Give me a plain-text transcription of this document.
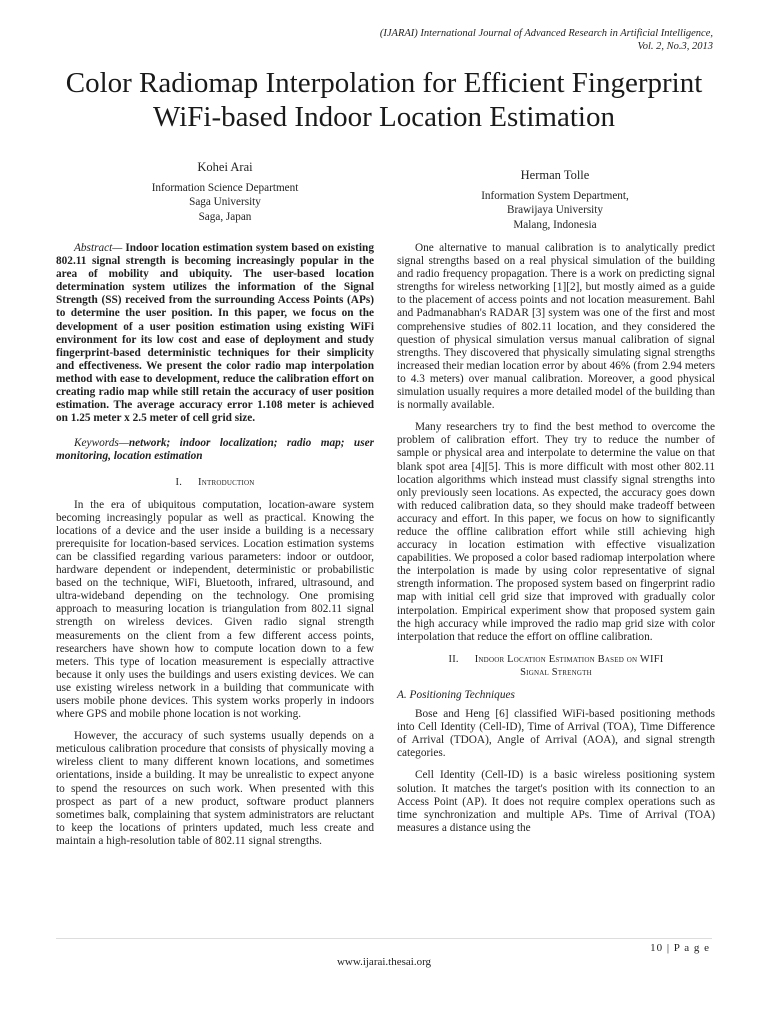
(IJARAI) International Journal of Advanced Research in Artificial Intelligence,
Vol. 2, No.3, 2013
Color Radiomap Interpolation for Efficient Fingerprint WiFi-based Indoor Location Estimation
Kohei Arai
Information Science Department
Saga University
Saga, Japan
Herman Tolle
Information System Department,
Brawijaya University
Malang, Indonesia

Abstract— Indoor location estimation system based on existing 802.11 signal strength is becoming increasingly popular in the area of mobility and ubiquity. The user-based location determination system utilizes the information of the Signal Strength (SS) received from the surrounding Access Points (APs) to determine the user position. In this paper, we focus on the development of a user position estimation using existing WiFi environment for its low cost and ease of deployment and study fingerprint-based deterministic techniques for their simplicity and effectiveness. We present the color radio map interpolation method with ease to development, reduce the calibration effort on creating radio map while still retain the accuracy of user position estimation. The average accuracy error 1.108 meter is achieved on 1.25 meter x 2.5 meter of cell grid size.

Keywords—network; indoor localization; radio map; user monitoring, location estimation

I. Introduction

In the era of ubiquitous computation, location-aware system becoming increasingly popular as well as practical. Knowing the locations of a device and the user inside a building is a necessary prerequisite for location-based services. Location estimation systems can be classified regarding various parameters: indoor or outdoor, hardware dependent or independent, deterministic or probabilistic based on the technique, WiFi, Bluetooth, infrared, ultrasound, and ultra-wideband depending on the technology. One promising approach to measuring location is triangulation from 802.11 signal strength on wireless devices. Given radio signal strength measurements on the client from a few different access points, researchers have shown how to compute location down to a few meters. This type of location measurement is especially attractive because it only uses the buildings and users existing devices. We can use existing wireless network in a building that communicate with users mobile phone devices. This system works properly in indoors where GPS and mobile phone location is not working.

However, the accuracy of such systems usually depends on a meticulous calibration procedure that consists of physically moving a wireless client to many different known locations, and sometimes orientations, inside a building. It may be unrealistic to expect anyone to spend the resources on such work. When presented with this prospect as part of a new product, software product planners sometimes balk, complaining that system administrators are reluctant to keep the locations of printers updated, much less create and maintain a high-resolution table of 802.11 signal strengths.

One alternative to manual calibration is to analytically predict signal strengths based on a real physical simulation of the building and radio frequency propagation. There is a work on predicting signal strengths for wireless networking [1][2], but mostly aimed as a guide to the placement of access points and not location measurement. Bahl and Padmanabhan's RADAR [3] system was one of the first and most comprehensive studies of 802.11 location, and they considered the question of physical simulation versus manual calibration of signal strengths. They discovered that physically simulating signal strengths increased their median location error by about 46% (from 2.94 meters to 4.3 meters) over manual calibration. Moreover, a good physical simulation usually requires a more detailed model of the building than is normally available.

Many researchers try to find the best method to overcome the problem of calibration effort. They try to reduce the number of sample or physical area and interpolate to determine the value on that blank spot area [4][5]. This is more difficult with most other 802.11 location algorithms which instead must classify signal strengths into only previously seen locations. As expected, the accuracy goes down with reduced calibration data, so they should make tradeoff between accuracy and effort. In this paper, we focus on how to significantly reduce the offline calibration effort while still achieving high accuracy in location estimation with effective visualization capabilities. We proposed a color based radiomap interpolation where the interpolation is made by using color representative of signal strength information. The proposed system based on fingerprint radio map with initial cell grid size that improved with gradually color interpolation. Empirical experiment show that proposed system gain the high accuracy while improved the radio map grid size with color interpolation that reduce the effort on offline calibration.

II. Indoor Location Estimation Based on WIFI
Signal Strength
A. Positioning Techniques

Bose and Heng [6] classified WiFi-based positioning methods into Cell Identity (Cell-ID), Time of Arrival (TOA), Time Difference of Arrival (TDOA), Angle of Arrival (AOA), and signal strength categories.

Cell Identity (Cell-ID) is a basic wireless positioning system solution. It matches the target's position with its connection to an Access Point (AP). It does not require complex operations such as time synchronization and multiple APs. Time of Arrival (TOA) measures a distance using the

10 | P a g e
www.ijarai.thesai.org
